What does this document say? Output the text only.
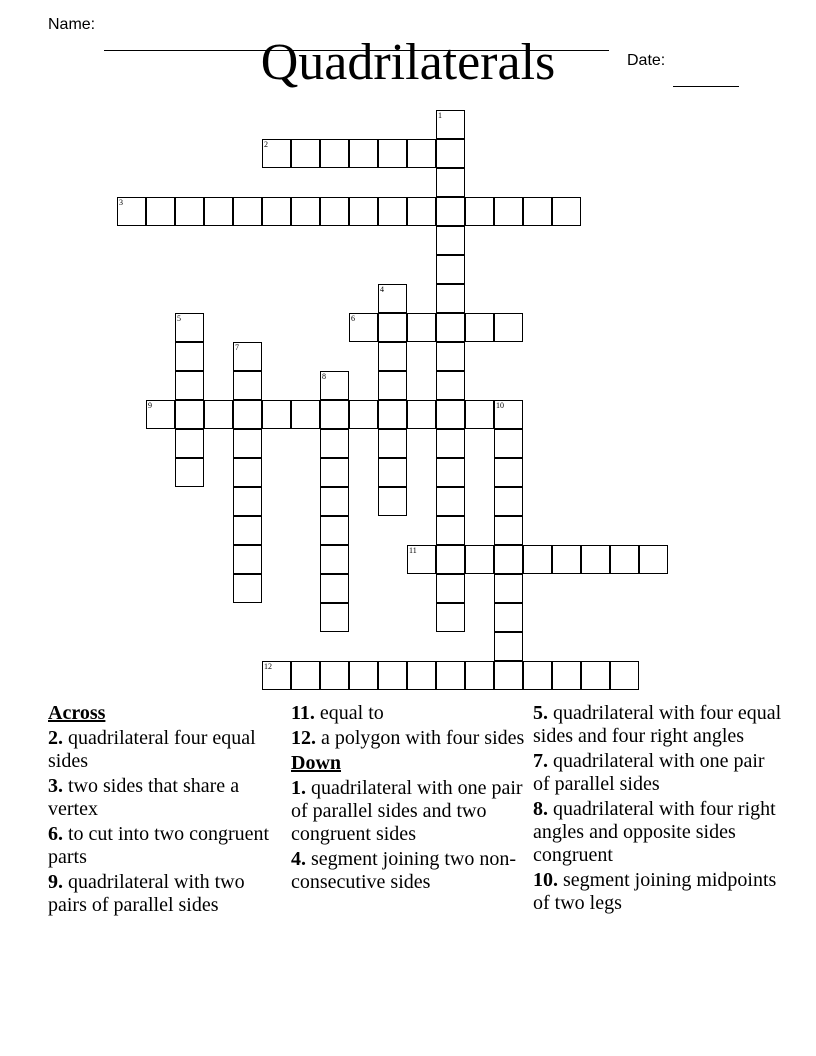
Name:

Date:

Quadrilaterals
1
2
3
4
5	6
7
8
9	10
11
12
Across
2. quadrilateral four equal sides
3. two sides that share a vertex
6. to cut into two congruent parts
9. quadrilateral with two pairs of parallel sides
11. equal to
12. a polygon with four sides
Down
1. quadrilateral with one pair of parallel sides and two congruent sides
4. segment joining two non-consecutive sides
5. quadrilateral with four equal sides and four right angles
7. quadrilateral with one pair of parallel sides
8. quadrilateral with four right angles and opposite sides congruent
10. segment joining midpoints of two legs
